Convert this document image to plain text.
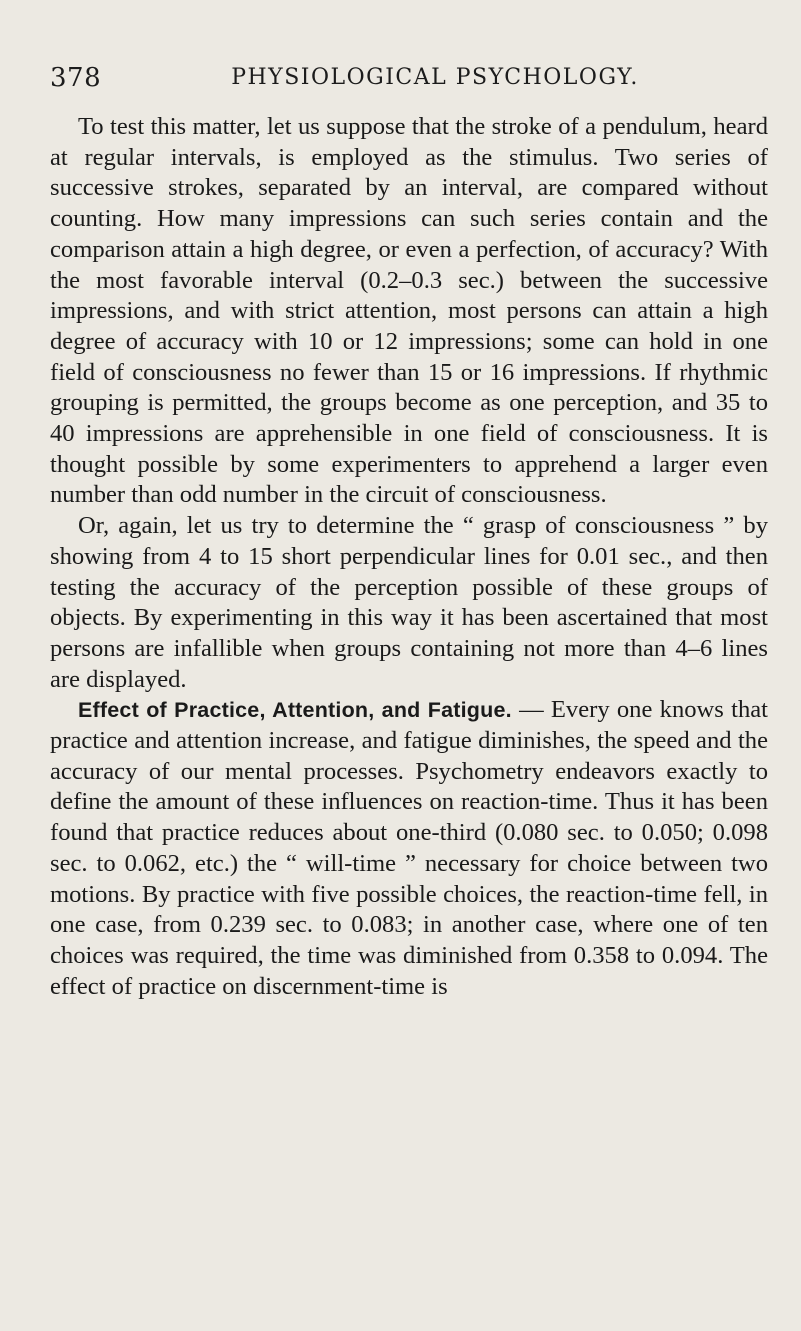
378	PHYSIOLOGICAL PSYCHOLOGY.

To test this matter, let us suppose that the stroke of a pendulum, heard at regular intervals, is employed as the stimulus. Two series of successive strokes, separated by an interval, are compared without counting. How many impressions can such series contain and the comparison attain a high degree, or even a perfection, of accuracy? With the most favorable interval (0.2–0.3 sec.) between the successive impressions, and with strict attention, most persons can attain a high degree of accuracy with 10 or 12 impressions; some can hold in one field of consciousness no fewer than 15 or 16 impressions. If rhythmic grouping is permitted, the groups become as one perception, and 35 to 40 impressions are apprehensible in one field of consciousness. It is thought possible by some experimenters to apprehend a larger even number than odd number in the circuit of consciousness.

Or, again, let us try to determine the “ grasp of consciousness ” by showing from 4 to 15 short perpendicular lines for 0.01 sec., and then testing the accuracy of the perception possible of these groups of objects. By experimenting in this way it has been ascertained that most persons are infallible when groups containing not more than 4–6 lines are displayed.

Effect of Practice, Attention, and Fatigue. — Every one knows that practice and attention increase, and fatigue diminishes, the speed and the accuracy of our mental processes. Psychometry endeavors exactly to define the amount of these influences on reaction-time. Thus it has been found that practice reduces about one-third (0.080 sec. to 0.050; 0.098 sec. to 0.062, etc.) the “ will-time ” necessary for choice between two motions. By practice with five possible choices, the reaction-time fell, in one case, from 0.239 sec. to 0.083; in another case, where one of ten choices was required, the time was diminished from 0.358 to 0.094. The effect of practice on discernment-time is
